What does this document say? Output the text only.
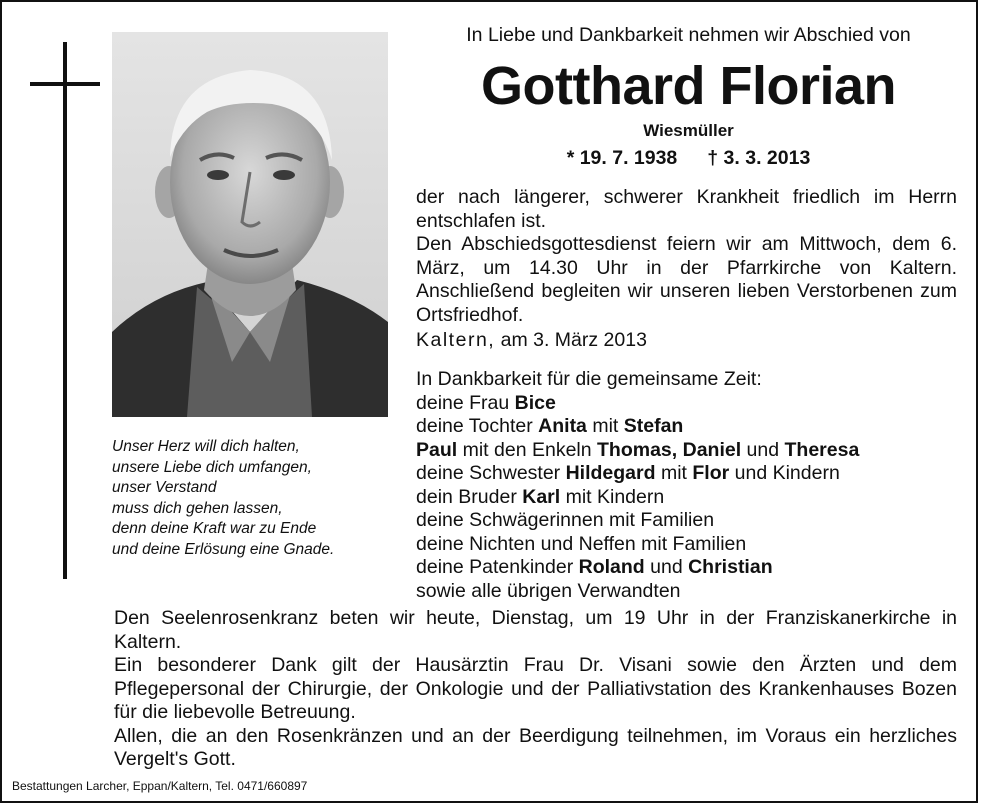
Unser Herz will dich halten,
unsere Liebe dich umfangen,
unser Verstand
muss dich gehen lassen,
denn deine Kraft war zu Ende
und deine Erlösung eine Gnade.
In Liebe und Dankbarkeit nehmen wir Abschied von
Gotthard Florian
Wiesmüller
* 19. 7. 1938 † 3. 3. 2013

der nach längerer, schwerer Krankheit friedlich im Herrn entschlafen ist.

Den Abschiedsgottesdienst feiern wir am Mittwoch, dem 6. März, um 14.30 Uhr in der Pfarrkirche von Kaltern. Anschließend begleiten wir unseren lieben Verstorbenen zum Ortsfriedhof.

Kaltern, am 3. März 2013
In Dankbarkeit für die gemeinsame Zeit:
deine Frau Bice
deine Tochter Anita mit Stefan
Paul mit den Enkeln Thomas, Daniel und Theresa
deine Schwester Hildegard mit Flor und Kindern
dein Bruder Karl mit Kindern
deine Schwägerinnen mit Familien
deine Nichten und Neffen mit Familien
deine Patenkinder Roland und Christian
sowie alle übrigen Verwandten

Den Seelenrosenkranz beten wir heute, Dienstag, um 19 Uhr in der Franziskanerkirche in Kaltern.

Ein besonderer Dank gilt der Hausärztin Frau Dr. Visani sowie den Ärzten und dem Pflegepersonal der Chirurgie, der Onkologie und der Palliativstation des Krankenhauses Bozen für die liebevolle Betreuung.

Allen, die an den Rosenkränzen und an der Beerdigung teilnehmen, im Voraus ein herzliches Vergelt's Gott.

Bestattungen Larcher, Eppan/Kaltern, Tel. 0471/660897
